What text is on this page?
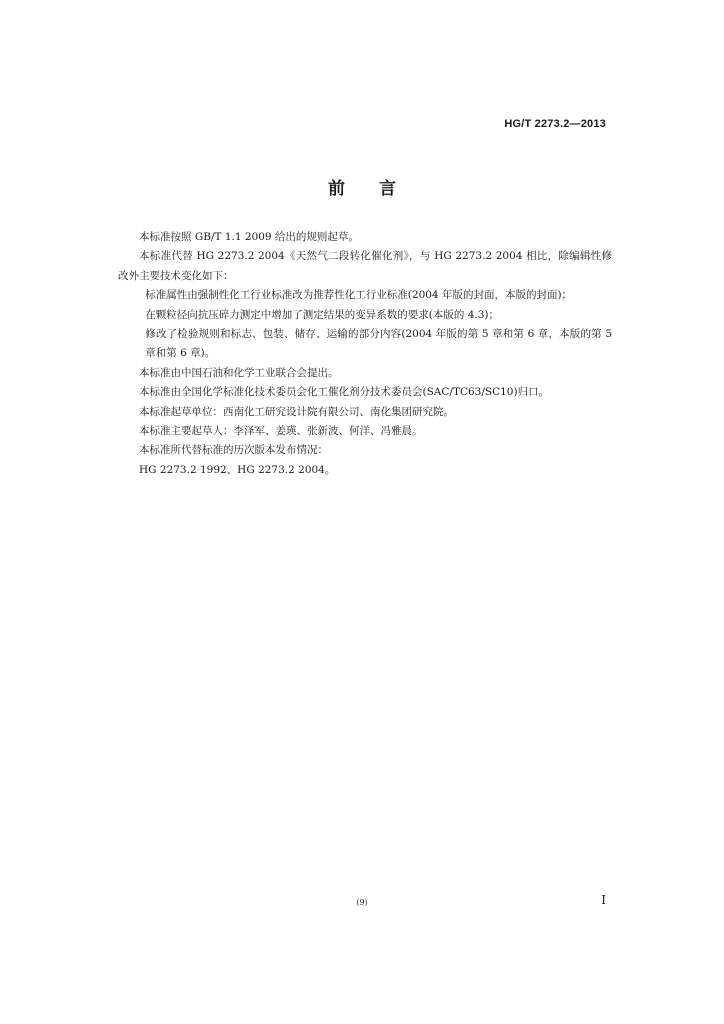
HG/T 2273.2—2013
前言

本标准按照 GB/T 1.1 2009 给出的规则起草。

本标准代替 HG 2273.2 2004《天然气二段转化催化剂》，与 HG 2273.2 2004 相比，除编辑性修改外主要技术变化如下：

标准属性由强制性化工行业标准改为推荐性化工行业标准(2004 年版的封面，本版的封面)；

在颗粒径向抗压碎力测定中增加了测定结果的变异系数的要求(本版的 4.3)；

修改了检验规则和标志、包装、储存、运输的部分内容(2004 年版的第 5 章和第 6 章，本版的第 5 章和第 6 章)。

本标准由中国石油和化学工业联合会提出。

本标准由全国化学标准化技术委员会化工催化剂分技术委员会(SAC/TC63/SC10)归口。

本标准起草单位：西南化工研究设计院有限公司、南化集团研究院。

本标准主要起草人：李泽军、姜瑛、张新波、何洋、冯雅晨。

本标准所代替标准的历次版本发布情况：

HG 2273.2 1992、HG 2273.2 2004。

(9)	I
